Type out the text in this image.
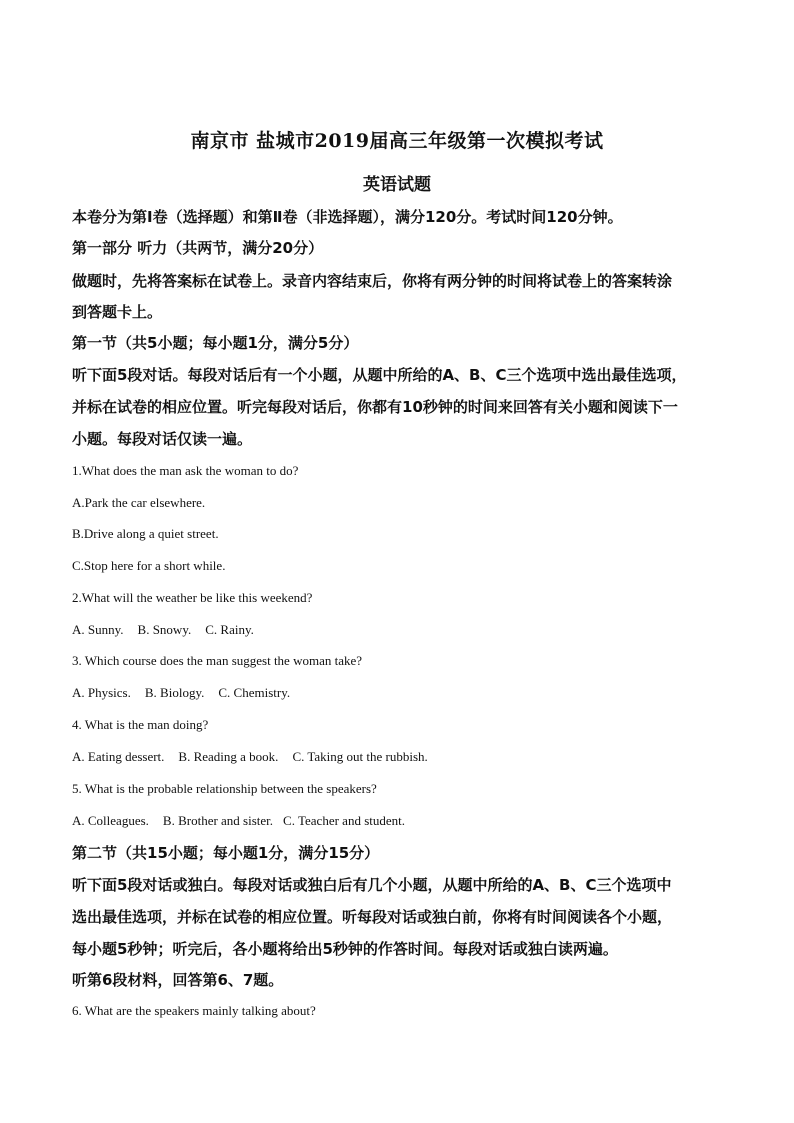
南京市 盐城市2019届高三年级第一次模拟考试
英语试题
本卷分为第Ⅰ卷（选择题）和第Ⅱ卷（非选择题），满分120分。考试时间120分钟。
第一部分 听力（共两节，满分20分）
做题时，先将答案标在试卷上。录音内容结束后，你将有两分钟的时间将试卷上的答案转涂
到答题卡上。
第一节（共5小题；每小题1分，满分5分）
听下面5段对话。每段对话后有一个小题，从题中所给的A、B、C三个选项中选出最佳选项，
并标在试卷的相应位置。听完每段对话后，你都有10秒钟的时间来回答有关小题和阅读下一
小题。每段对话仅读一遍。
1.What does the man ask the woman to do?
A.Park the car elsewhere.
B.Drive along a quiet street.
C.Stop here for a short while.
2.What will the weather be like this weekend?
A. Sunny. B. Snowy. C. Rainy.
3. Which course does the man suggest the woman take?
A. Physics. B. Biology. C. Chemistry.
4. What is the man doing?
A. Eating dessert. B. Reading a book. C. Taking out the rubbish.
5. What is the probable relationship between the speakers?
A. Colleagues. B. Brother and sister. C. Teacher and student.
第二节（共15小题；每小题1分，满分15分）
听下面5段对话或独白。每段对话或独白后有几个小题，从题中所给的A、B、C三个选项中
选出最佳选项，并标在试卷的相应位置。听每段对话或独白前，你将有时间阅读各个小题，
每小题5秒钟；听完后，各小题将给出5秒钟的作答时间。每段对话或独白读两遍。
听第6段材料，回答第6、7题。
6. What are the speakers mainly talking about?
